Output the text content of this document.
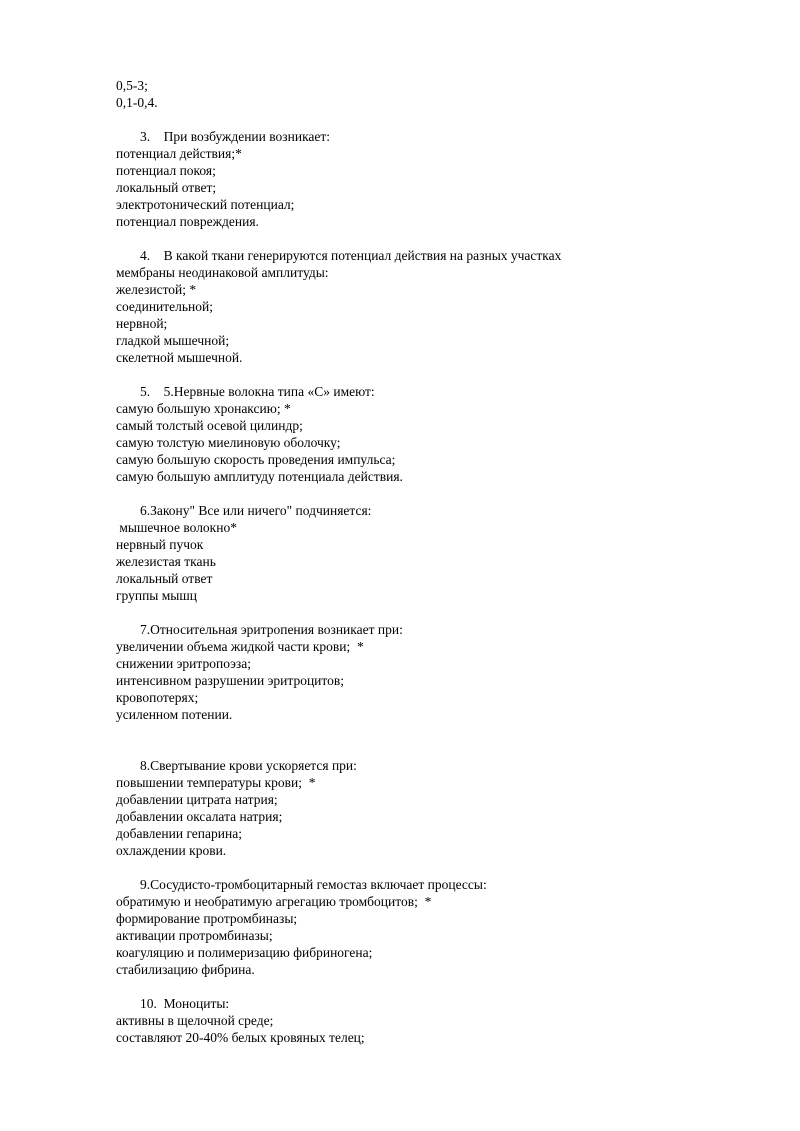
0,5-3;
0,1-0,4.
3.    При возбуждении возникает:
потенциал действия;*
потенциал покоя;
локальный ответ;
электротонический потенциал;
потенциал повреждения.
4.    В какой ткани генерируются потенциал действия на разных участках
мембраны неодинаковой амплитуды:
железистой; *
соединительной;
нервной;
гладкой мышечной;
скелетной мышечной.
5.    5.Нервные волокна типа «С» имеют:
самую большую хронаксию; *
самый толстый осевой цилиндр;
самую толстую миелиновую оболочку;
самую большую скорость проведения импульса;
самую большую амплитуду потенциала действия.
6.Закону" Все или ничего" подчиняется:
мышечное волокно*
нервный пучок
железистая ткань
локальный ответ
группы мышц
7.Относительная эритропения возникает при:
увеличении объема жидкой части крови;  *
снижении эритропоэза;
интенсивном разрушении эритроцитов;
кровопотерях;
усиленном потении.
8.Свертывание крови ускоряется при:
повышении температуры крови;  *
добавлении цитрата натрия;
добавлении оксалата натрия;
добавлении гепарина;
охлаждении крови.
9.Сосудисто-тромбоцитарный гемостаз включает процессы:
обратимую и необратимую агрегацию тромбоцитов;  *
формирование протромбиназы;
активации протромбиназы;
коагуляцию и полимеризацию фибриногена;
стабилизацию фибрина.
10.  Моноциты:
активны в щелочной среде;
составляют 20-40% белых кровяных телец;
